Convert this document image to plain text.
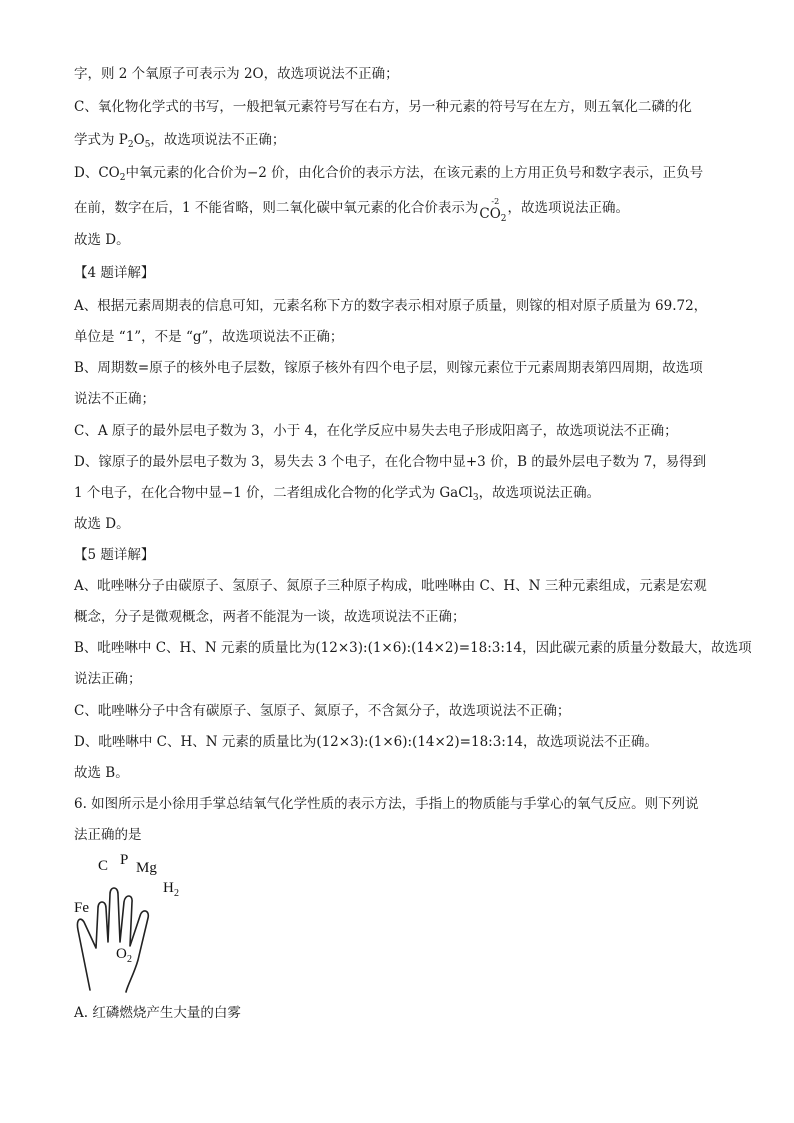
字，则 2 个氧原子可表示为 2O，故选项说法不正确；
C、氧化物化学式的书写，一般把氧元素符号写在右方，另一种元素的符号写在左方，则五氧化二磷的化
学式为 $P_2O_5$，故选项说法不正确；
D、$CO_2$中氧元素的化合价为−2 价，由化合价的表示方法，在该元素的上方用正负号和数字表示，正负号
在前，数字在后，1 不能省略，则二氧化碳中氧元素的化合价表示为$CO_2$
-2 ，故选项说法正确。
故选 D。
【4 题详解】
A、根据元素周期表的信息可知，元素名称下方的数字表示相对原子质量，则镓的相对原子质量为 69.72，
单位是 “1”，不是 “g”，故选项说法不正确；
B、周期数=原子的核外电子层数，镓原子核外有四个电子层，则镓元素位于元素周期表第四周期，故选项
说法不正确；
C、A 原子的最外层电子数为 3，小于 4，在化学反应中易失去电子形成阳离子，故选项说法不正确；
D、镓原子的最外层电子数为 3，易失去 3 个电子，在化合物中显+3 价，B 的最外层电子数为 7，易得到
1 个电子，在化合物中显−1 价，二者组成化合物的化学式为 GaCl$_3$，故选项说法正确。
故选 D。
【5 题详解】
A、吡唑啉分子由碳原子、氢原子、氮原子三种原子构成，吡唑啉由 C、H、N 三种元素组成，元素是宏观
概念，分子是微观概念，两者不能混为一谈，故选项说法不正确；
B、吡唑啉中 C、H、N 元素的质量比为(12×3):(1×6):(14×2)=18:3:14，因此碳元素的质量分数最大，故选项
说法正确；
C、吡唑啉分子中含有碳原子、氢原子、氮原子，不含氮分子，故选项说法不正确；
D、吡唑啉中 C、H、N 元素的质量比为(12×3):(1×6):(14×2)=18:3:14，故选项说法不正确。
故选 B。
6. 如图所示是小徐用手掌总结氧气化学性质的表示方法，手指上的物质能与手掌心的氧气反应。则下列说
法正确的是
C P Mg
H 2
Fe
O 2
A. 红磷燃烧产生大量的白雾
